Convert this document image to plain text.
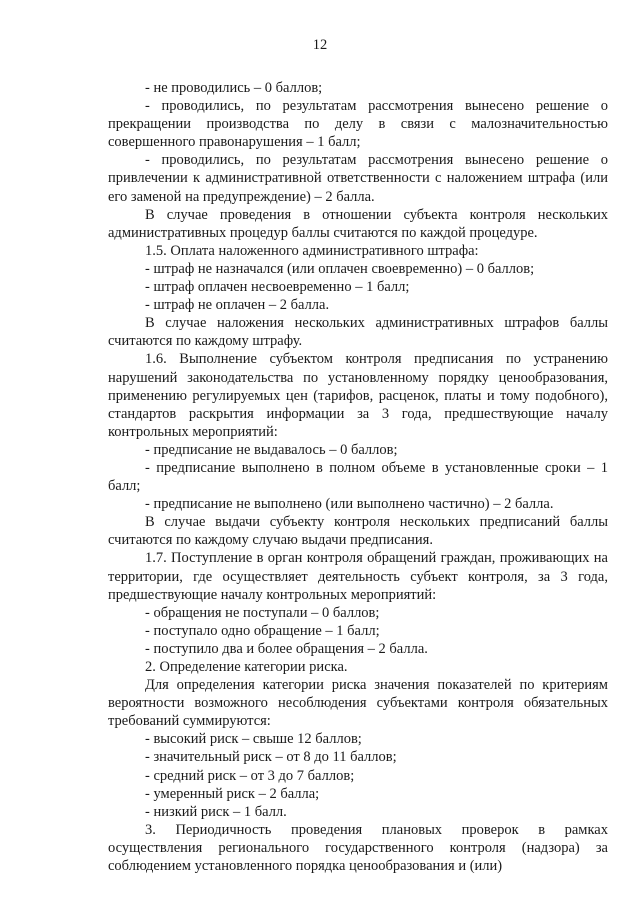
12

- не проводились – 0 баллов;

- проводились, по результатам рассмотрения вынесено решение о прекращении производства по делу в связи с малозначительностью совершенного правонарушения – 1 балл;

- проводились, по результатам рассмотрения вынесено решение о привлечении к административной ответственности с наложением штрафа (или его заменой на предупреждение) – 2 балла.

В случае проведения в отношении субъекта контроля нескольких административных процедур баллы считаются по каждой процедуре.

1.5. Оплата наложенного административного штрафа:

- штраф не назначался (или оплачен своевременно) – 0 баллов;

- штраф оплачен несвоевременно – 1 балл;

- штраф не оплачен – 2 балла.

В случае наложения нескольких административных штрафов баллы считаются по каждому штрафу.

1.6. Выполнение субъектом контроля предписания по устранению нарушений законодательства по установленному порядку ценообразования, применению регулируемых цен (тарифов, расценок, платы и тому подобного), стандартов раскрытия информации за 3 года, предшествующие началу контрольных мероприятий:

- предписание не выдавалось – 0 баллов;

- предписание выполнено в полном объеме в установленные сроки – 1 балл;

- предписание не выполнено (или выполнено частично) – 2 балла.

В случае выдачи субъекту контроля нескольких предписаний баллы считаются по каждому случаю выдачи предписания.

1.7. Поступление в орган контроля обращений граждан, проживающих на территории, где осуществляет деятельность субъект контроля, за 3 года, предшествующие началу контрольных мероприятий:

- обращения не поступали – 0 баллов;

- поступало одно обращение – 1 балл;

- поступило два и более обращения – 2 балла.

2. Определение категории риска.

Для определения категории риска значения показателей по критериям вероятности возможного несоблюдения субъектами контроля обязательных требований суммируются:

- высокий риск – свыше 12 баллов;

- значительный риск – от 8 до 11 баллов;

- средний риск – от 3 до 7 баллов;

- умеренный риск – 2 балла;

- низкий риск – 1 балл.

3. Периодичность проведения плановых проверок в рамках осуществления регионального государственного контроля (надзора) за соблюдением установленного порядка ценообразования и (или)
